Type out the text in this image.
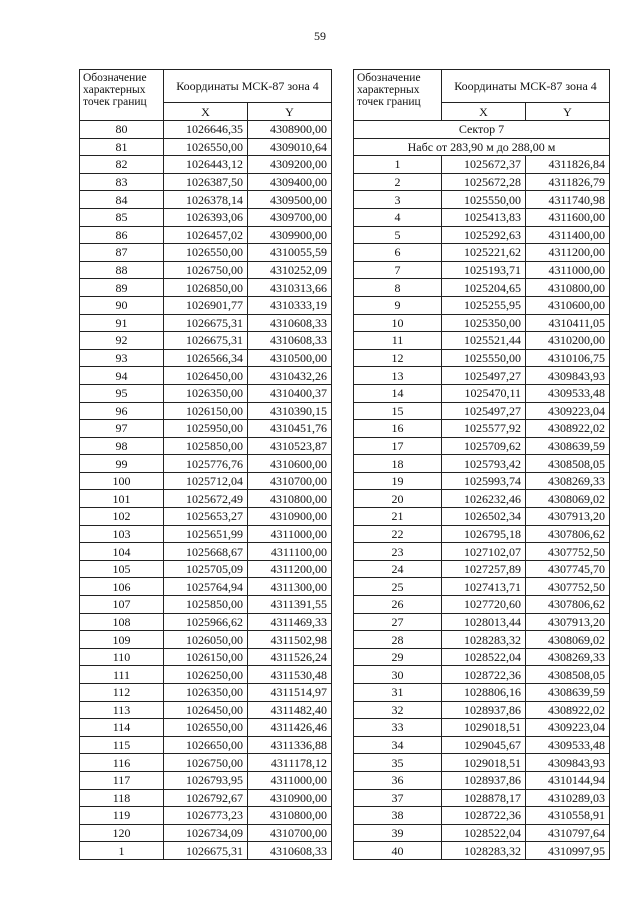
59
Обозначение характерных точек границ	Координаты МСК-87 зона 4	
	X	Y
80	1026646,35	4308900,00
81	1026550,00	4309010,64
82	1026443,12	4309200,00
83	1026387,50	4309400,00
84	1026378,14	4309500,00
85	1026393,06	4309700,00
86	1026457,02	4309900,00
87	1026550,00	4310055,59
88	1026750,00	4310252,09
89	1026850,00	4310313,66
90	1026901,77	4310333,19
91	1026675,31	4310608,33
92	1026675,31	4310608,33
93	1026566,34	4310500,00
94	1026450,00	4310432,26
95	1026350,00	4310400,37
96	1026150,00	4310390,15
97	1025950,00	4310451,76
98	1025850,00	4310523,87
99	1025776,76	4310600,00
100	1025712,04	4310700,00
101	1025672,49	4310800,00
102	1025653,27	4310900,00
103	1025651,99	4311000,00
104	1025668,67	4311100,00
105	1025705,09	4311200,00
106	1025764,94	4311300,00
107	1025850,00	4311391,55
108	1025966,62	4311469,33
109	1026050,00	4311502,98
110	1026150,00	4311526,24
111	1026250,00	4311530,48
112	1026350,00	4311514,97
113	1026450,00	4311482,40
114	1026550,00	4311426,46
115	1026650,00	4311336,88
116	1026750,00	4311178,12
117	1026793,95	4311000,00
118	1026792,67	4310900,00
119	1026773,23	4310800,00
120	1026734,09	4310700,00
1	1026675,31	4310608,33
Обозначение характерных точек границ	Координаты МСК-87 зона 4	
	X	Y
Сектор 7		
Набс от 283,90 м до 288,00 м		
1	1025672,37	4311826,84
2	1025672,28	4311826,79
3	1025550,00	4311740,98
4	1025413,83	4311600,00
5	1025292,63	4311400,00
6	1025221,62	4311200,00
7	1025193,71	4311000,00
8	1025204,65	4310800,00
9	1025255,95	4310600,00
10	1025350,00	4310411,05
11	1025521,44	4310200,00
12	1025550,00	4310106,75
13	1025497,27	4309843,93
14	1025470,11	4309533,48
15	1025497,27	4309223,04
16	1025577,92	4308922,02
17	1025709,62	4308639,59
18	1025793,42	4308508,05
19	1025993,74	4308269,33
20	1026232,46	4308069,02
21	1026502,34	4307913,20
22	1026795,18	4307806,62
23	1027102,07	4307752,50
24	1027257,89	4307745,70
25	1027413,71	4307752,50
26	1027720,60	4307806,62
27	1028013,44	4307913,20
28	1028283,32	4308069,02
29	1028522,04	4308269,33
30	1028722,36	4308508,05
31	1028806,16	4308639,59
32	1028937,86	4308922,02
33	1029018,51	4309223,04
34	1029045,67	4309533,48
35	1029018,51	4309843,93
36	1028937,86	4310144,94
37	1028878,17	4310289,03
38	1028722,36	4310558,91
39	1028522,04	4310797,64
40	1028283,32	4310997,95
